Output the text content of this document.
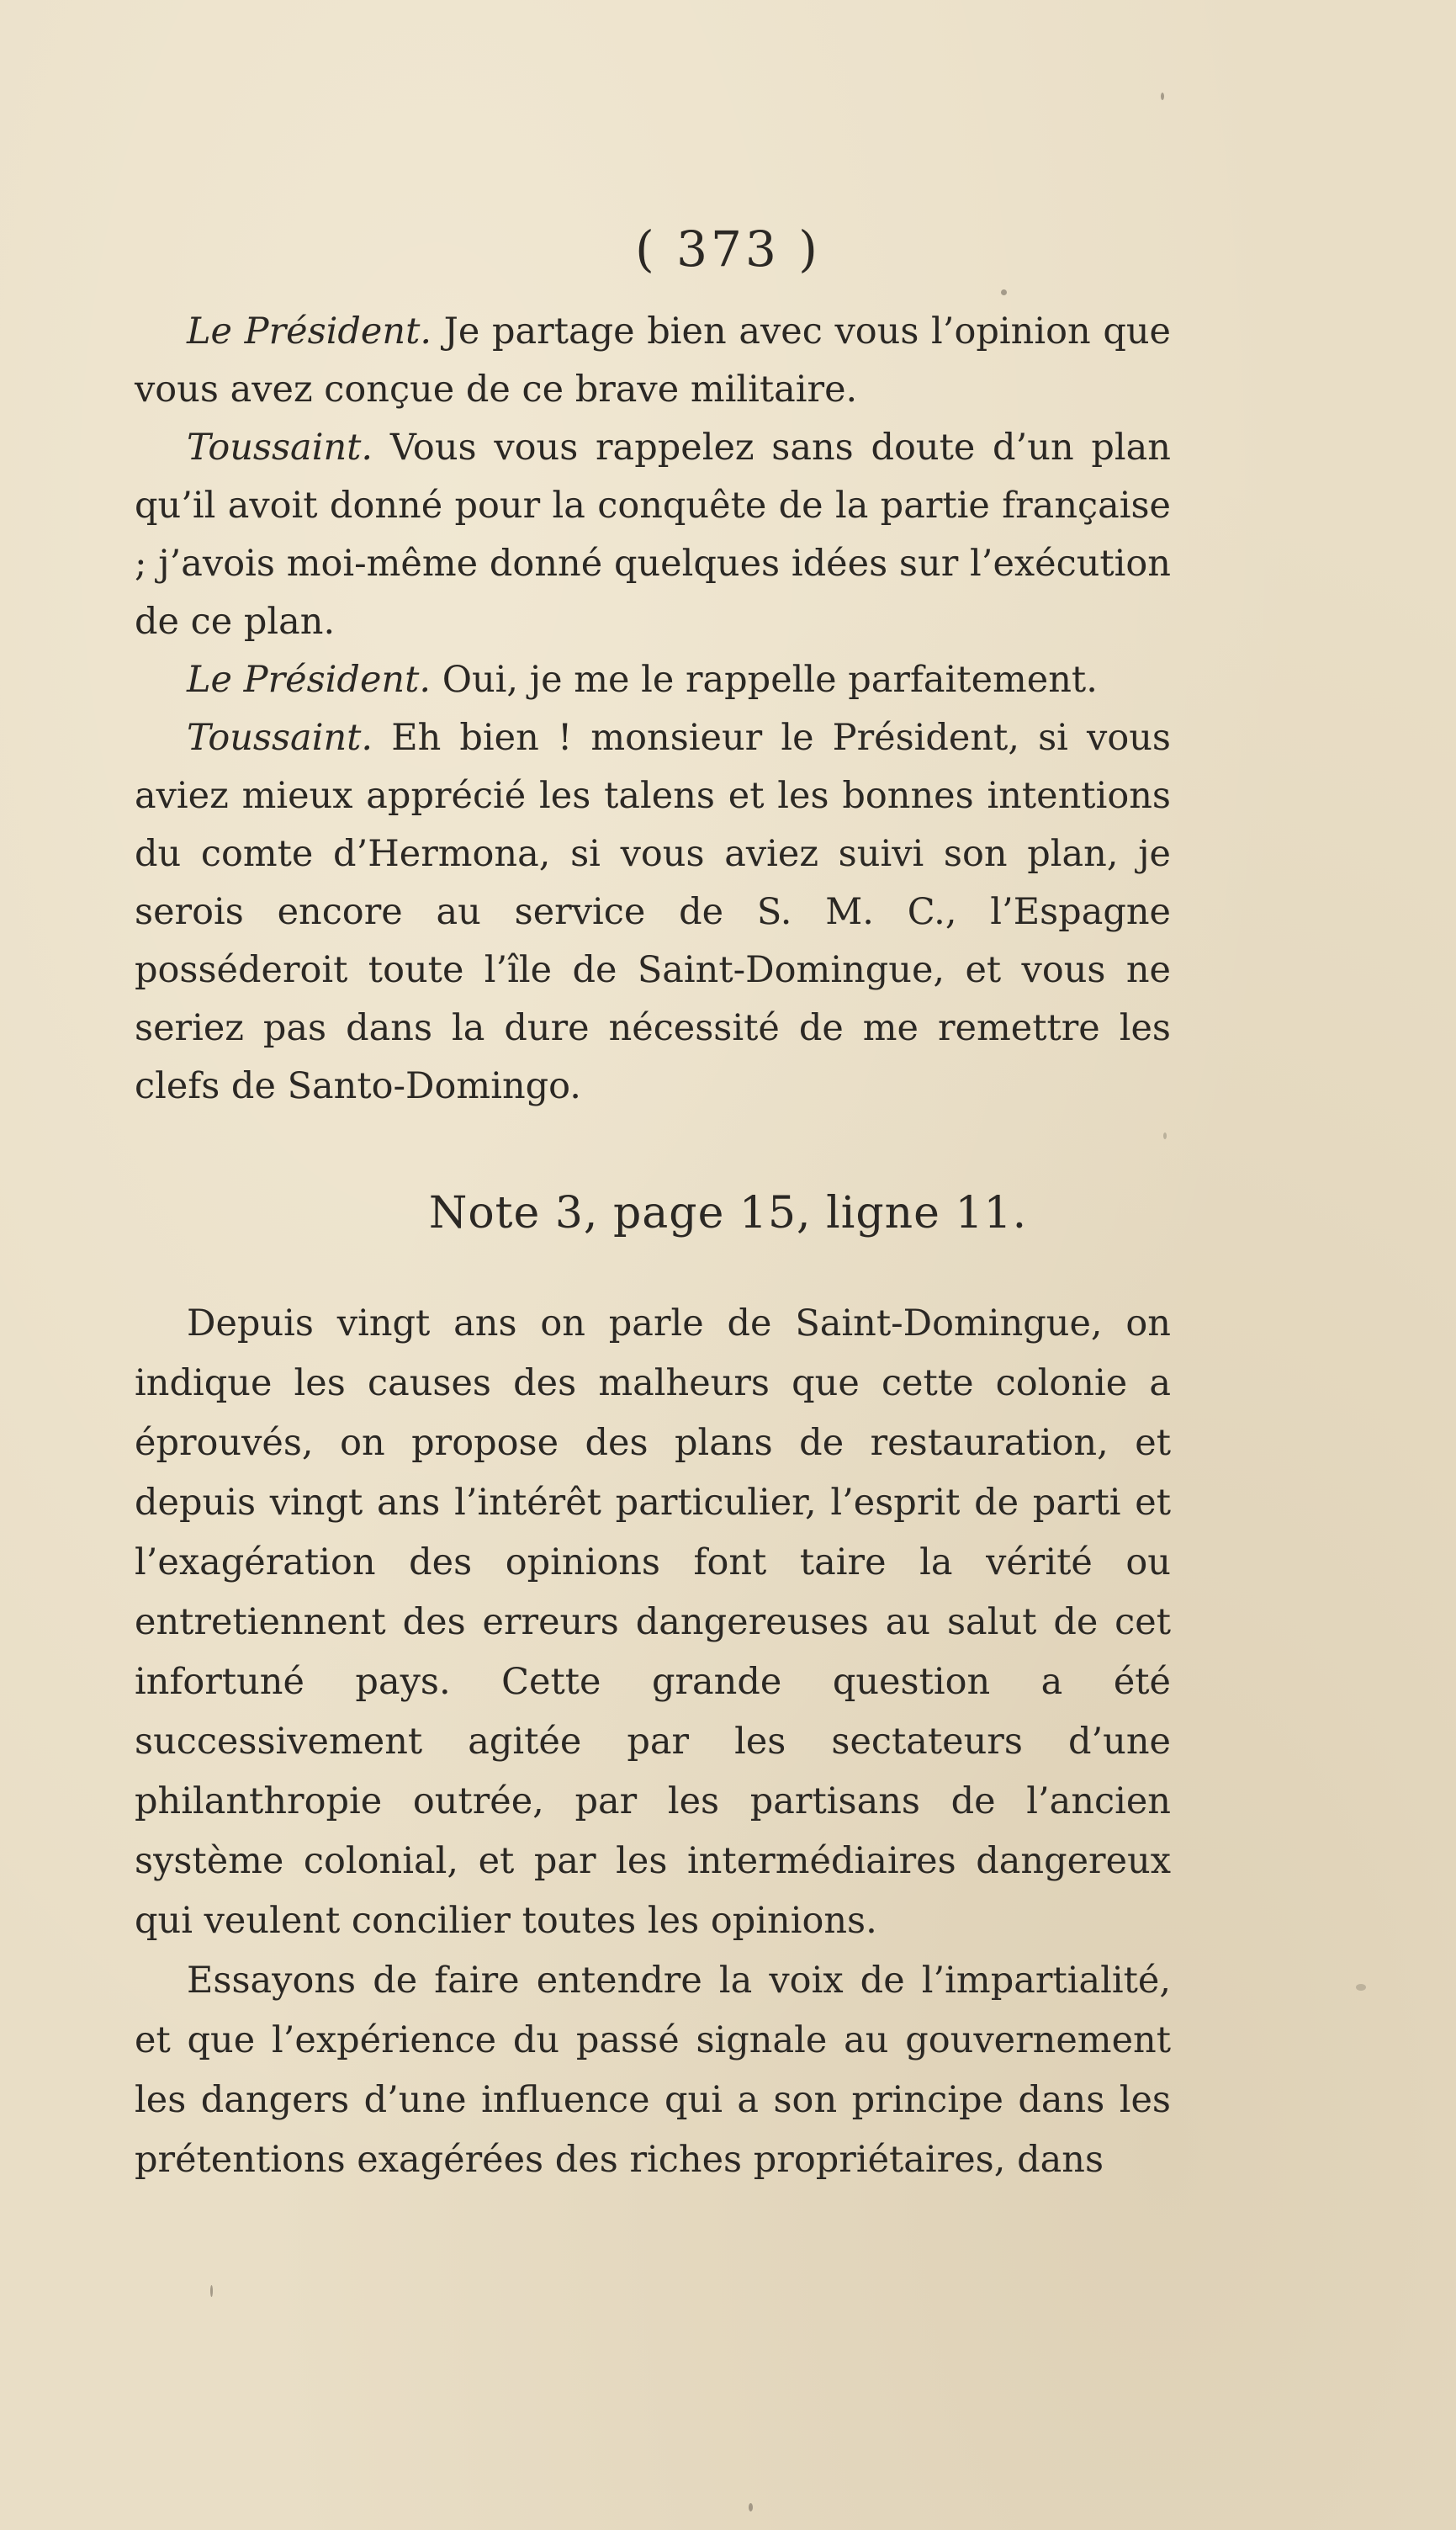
( 373 )

Le Président. Je partage bien avec vous l’opinion que vous avez conçue de ce brave militaire.

Toussaint. Vous vous rappelez sans doute d’un plan qu’il avoit donné pour la conquête de la partie française ; j’avois moi-même donné quelques idées sur l’exécution de ce plan.

Le Président. Oui, je me le rappelle parfaitement.

Toussaint. Eh bien ! monsieur le Président, si vous aviez mieux apprécié les talens et les bonnes intentions du comte d’Hermona, si vous aviez suivi son plan, je serois encore au service de S. M. C., l’Espagne posséderoit toute l’île de Saint-Domingue, et vous ne seriez pas dans la dure nécessité de me remettre les clefs de Santo-Domingo.

Note 3, page 15, ligne 11.

Depuis vingt ans on parle de Saint-Domingue, on indique les causes des malheurs que cette colonie a éprouvés, on propose des plans de restauration, et depuis vingt ans l’intérêt particulier, l’esprit de parti et l’exagération des opinions font taire la vérité ou entretiennent des erreurs dangereuses au salut de cet infortuné pays. Cette grande question a été successivement agitée par les sectateurs d’une philanthropie outrée, par les partisans de l’ancien système colonial, et par les intermédiaires dangereux qui veulent concilier toutes les opinions.

Essayons de faire entendre la voix de l’impartialité, et que l’expérience du passé signale au gouvernement les dangers d’une influence qui a son principe dans les prétentions exagérées des riches propriétaires, dans
